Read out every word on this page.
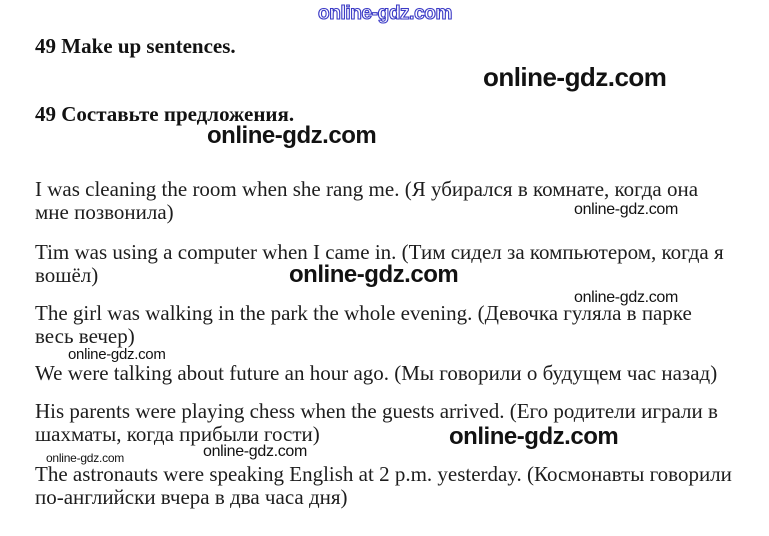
online-gdz.com
49 Make up sentences.
online-gdz.com
49 Составьте предложения.
online-gdz.com
I was cleaning the room when she rang me. (Я убирался в комнате, когда она
мне позвонила)	online-gdz.com
Tim was using a computer when I came in. (Тим сидел за компьютером, когда я
вошёл)	online-gdz.com
online-gdz.com
The girl was walking in the park the whole evening. (Девочка гуляла в парке
весь вечер)
online-gdz.com
We were talking about future an hour ago. (Мы говорили о будущем час назад)
His parents were playing chess when the guests arrived. (Его родители играли в
шахматы, когда прибыли гости)	online-gdz.com
online-gdz.com
online-gdz.com
The astronauts were speaking English at 2 p.m. yesterday. (Космонавты говорили
по-английски вчера в два часа дня)
